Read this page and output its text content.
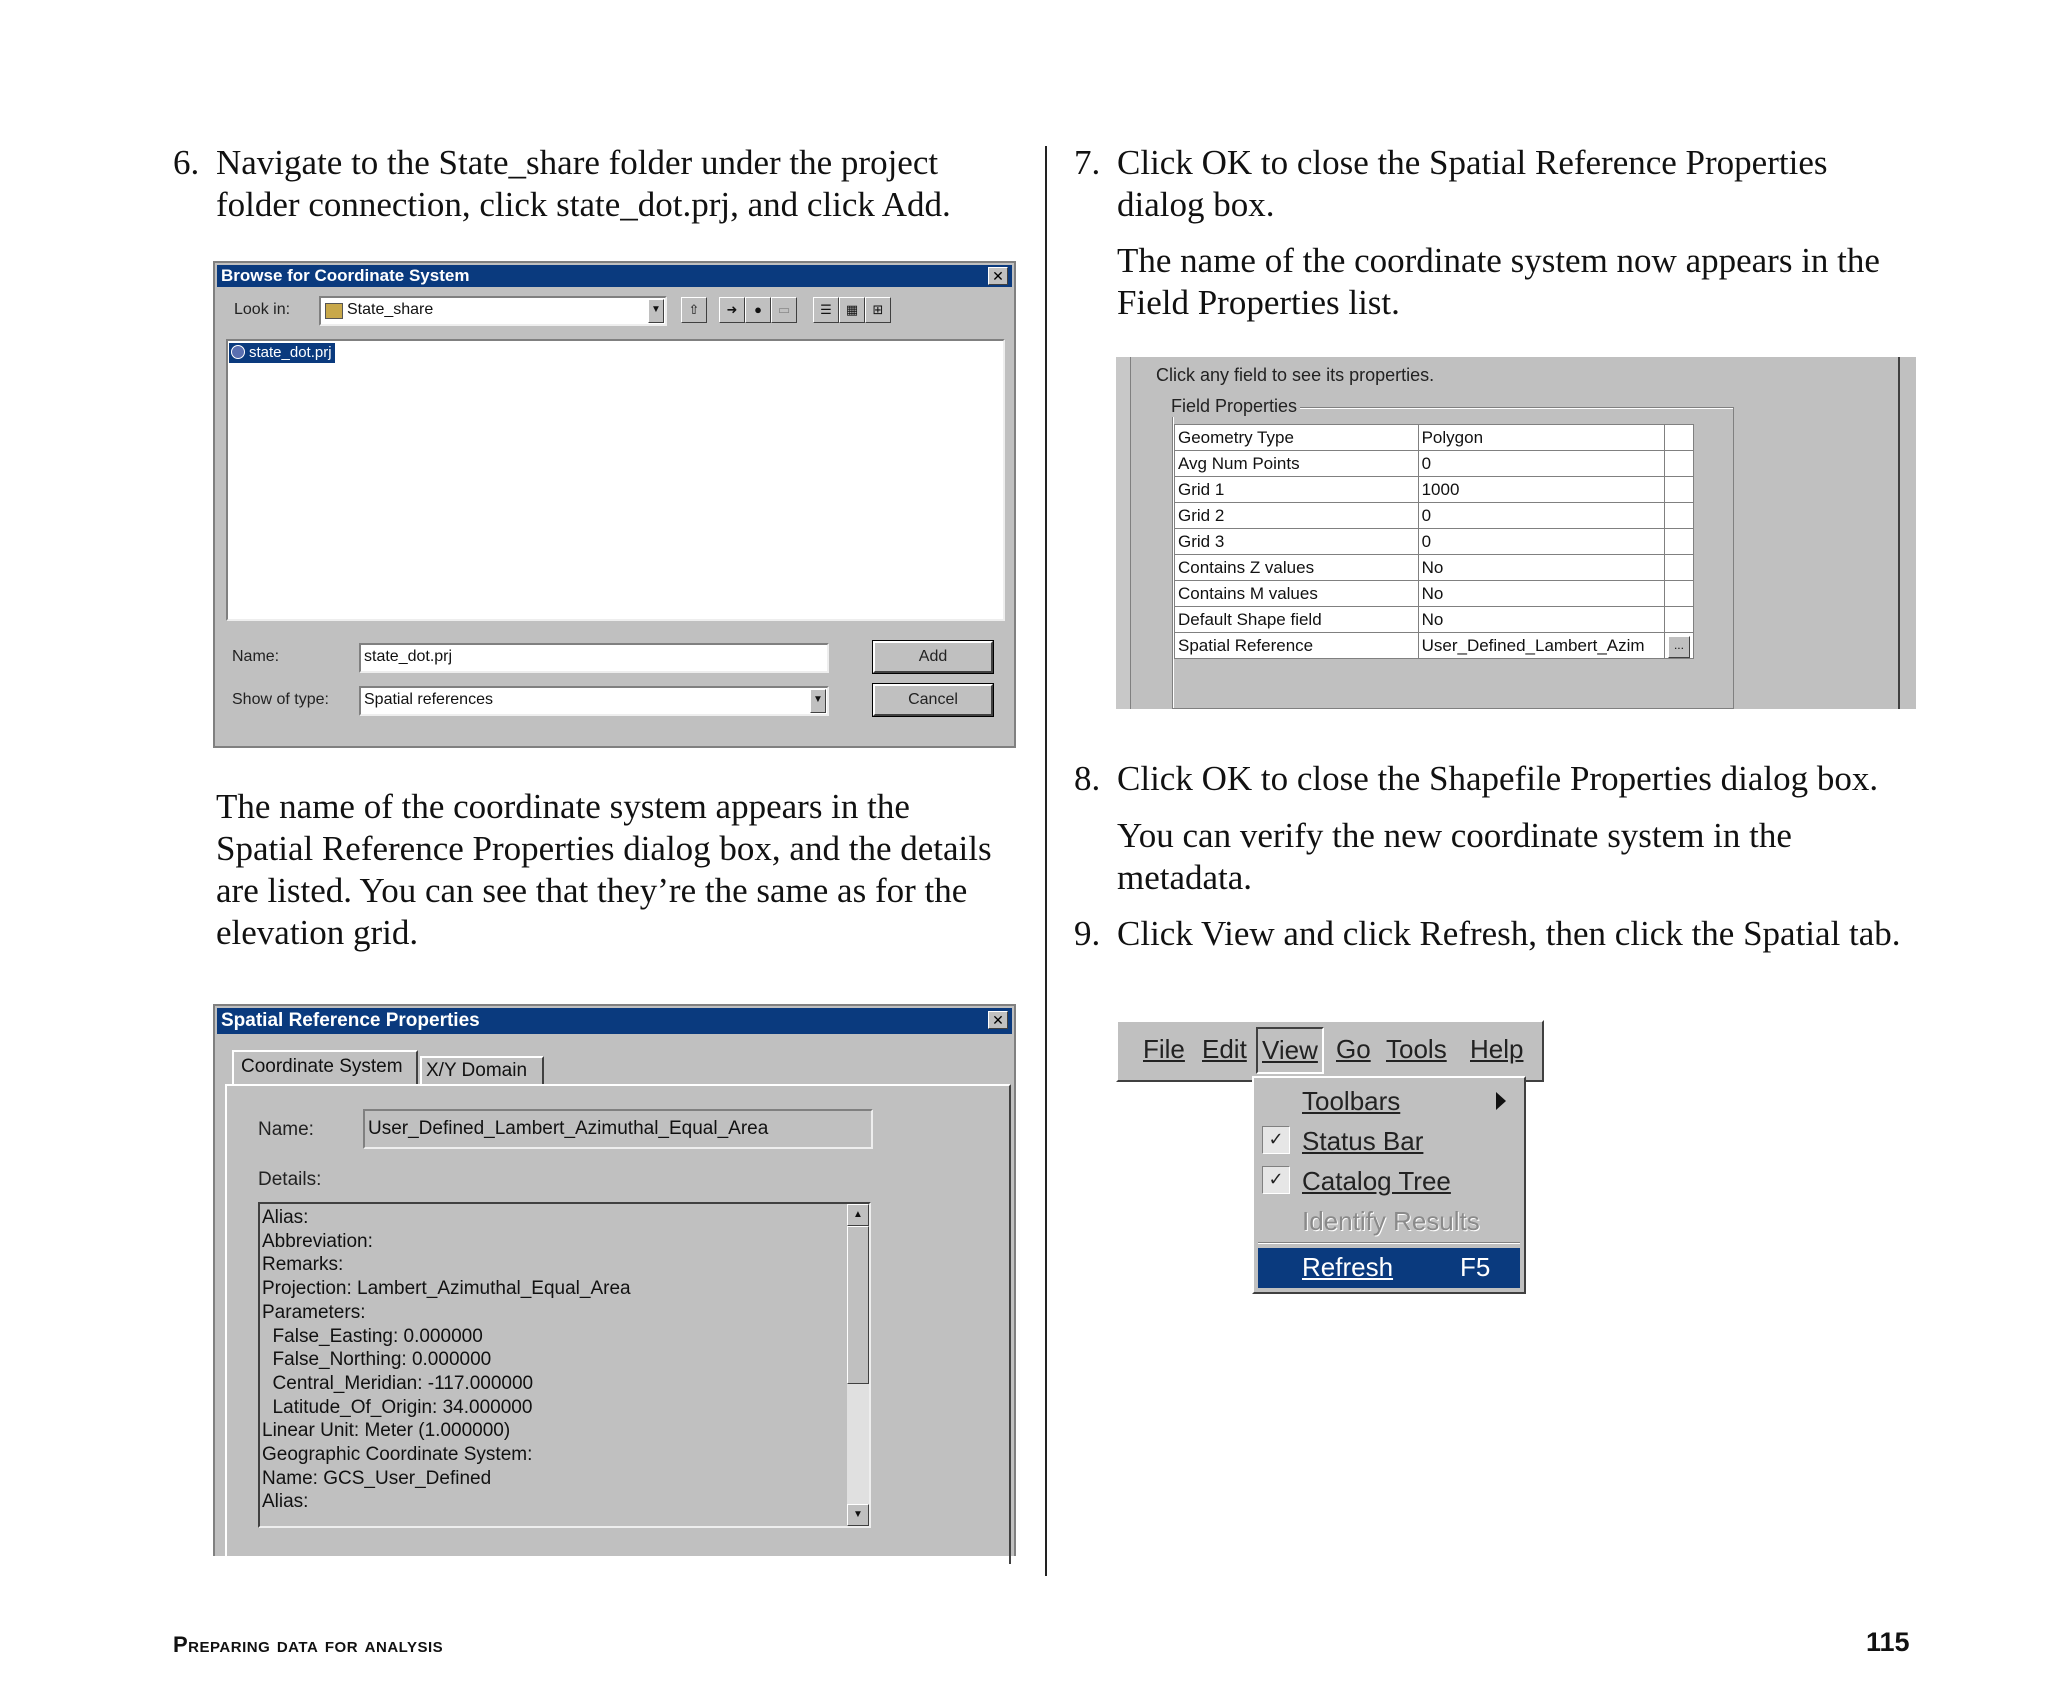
6. Navigate to the State_share folder under the project
folder connection, click state_dot.prj, and click Add.
Browse for Coordinate System	✕
Look in:	State_share	▼	⇧	➜	●	▭	☰	▦	⊞
state_dot.prj
Name:	state_dot.prj	Add
Show of type:	Spatial references	▼	Cancel
The name of the coordinate system appears in the
Spatial Reference Properties dialog box, and the details
are listed. You can see that they’re the same as for the
elevation grid.
Spatial Reference Properties	✕
Coordinate System	X/Y Domain
Name:	User_Defined_Lambert_Azimuthal_Equal_Area
Details:
Alias:
Abbreviation:
Remarks:
Projection: Lambert_Azimuthal_Equal_Area
Parameters:
False_Easting: 0.000000
False_Northing: 0.000000
Central_Meridian: -117.000000
Latitude_Of_Origin: 34.000000
Linear Unit: Meter (1.000000)
Geographic Coordinate System:
Name: GCS_User_Defined
Alias:
▲
▼
7. Click OK to close the Spatial Reference Properties
dialog box.
The name of the coordinate system now appears in the
Field Properties list.
Click any field to see its properties.
Field Properties
Geometry Type	Polygon	
Avg Num Points	0	
Grid 1	1000	
Grid 2	0	
Grid 3	0	
Contains Z values	No	
Contains M values	No	
Default Shape field	No	
Spatial Reference	User_Defined_Lambert_Azim	...
8. Click OK to close the Shapefile Properties dialog box.
You can verify the new coordinate system in the
metadata.
9. Click View and click Refresh, then click the Spatial tab.
File Edit View Go Tools Help
Toolbars
✓ Status Bar
✓ Catalog Tree
Identify Results
Refresh	F5
Preparing data for analysis	115
